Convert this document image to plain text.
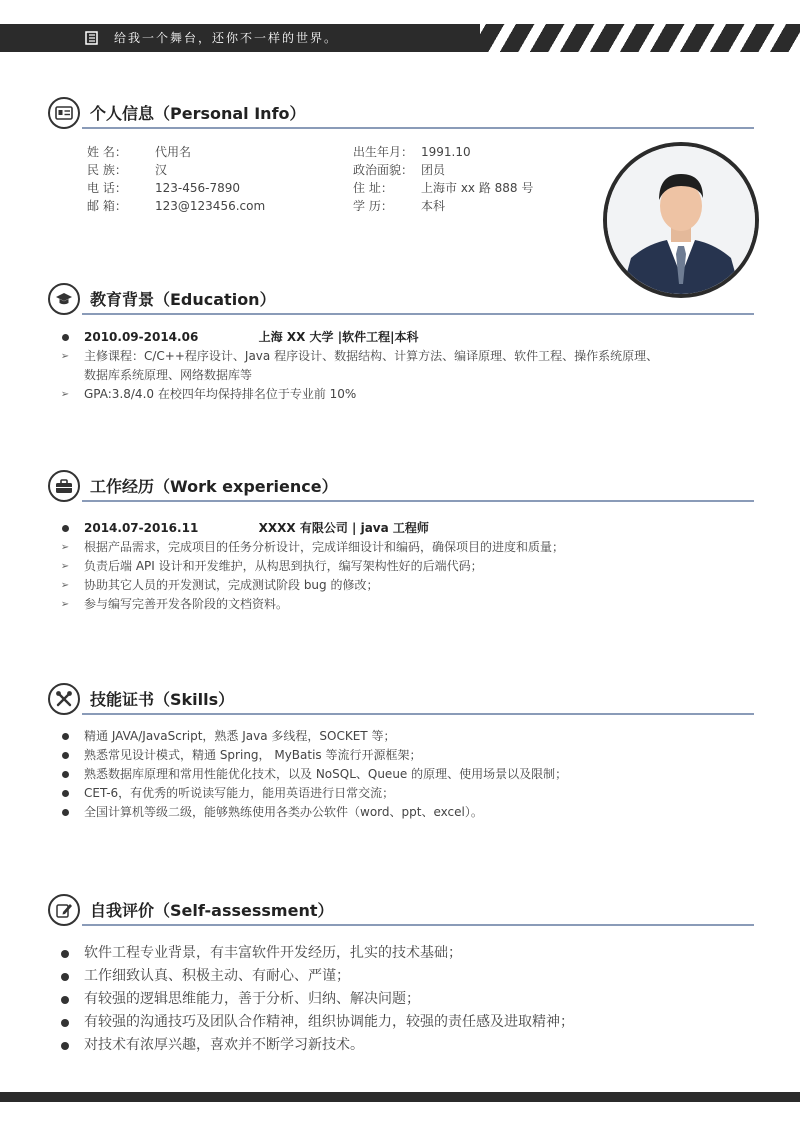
给我一个舞台，还你不一样的世界。
个人信息（Personal Info）
姓 名： 代用名
民 族： 汉
电 话： 123-456-7890
邮 箱： 123@123456.com
出生年月： 1991.10
政治面貌： 团员
住 址： 上海市 xx 路 888 号
学 历： 本科
教育背景（Education）
2010.09-2014.06	上海 XX 大学 |软件工程|本科
➢ 主修课程：C/C++程序设计、Java 程序设计、数据结构、计算方法、编译原理、软件工程、操作系统原理、
数据库系统原理、网络数据库等
➢ GPA:3.8/4.0 在校四年均保持排名位于专业前 10%
工作经历（Work experience）
2014.07-2016.11	XXXX 有限公司 | java 工程师
➢ 根据产品需求，完成项目的任务分析设计，完成详细设计和编码，确保项目的进度和质量；
➢ 负责后端 API 设计和开发维护，从构思到执行，编写架构性好的后端代码；
➢ 协助其它人员的开发测试，完成测试阶段 bug 的修改；
➢ 参与编写完善开发各阶段的文档资料。
技能证书（Skills）
精通 JAVA/JavaScript，熟悉 Java 多线程，SOCKET 等；
熟悉常见设计模式，精通 Spring， MyBatis 等流行开源框架；
熟悉数据库原理和常用性能优化技术，以及 NoSQL、Queue 的原理、使用场景以及限制；
CET-6，有优秀的听说读写能力，能用英语进行日常交流；
全国计算机等级二级，能够熟练使用各类办公软件（word、ppt、excel）。
自我评价（Self-assessment）
软件工程专业背景，有丰富软件开发经历，扎实的技术基础；
工作细致认真、积极主动、有耐心、严谨；
有较强的逻辑思维能力，善于分析、归纳、解决问题；
有较强的沟通技巧及团队合作精神，组织协调能力，较强的责任感及进取精神；
对技术有浓厚兴趣，喜欢并不断学习新技术。
